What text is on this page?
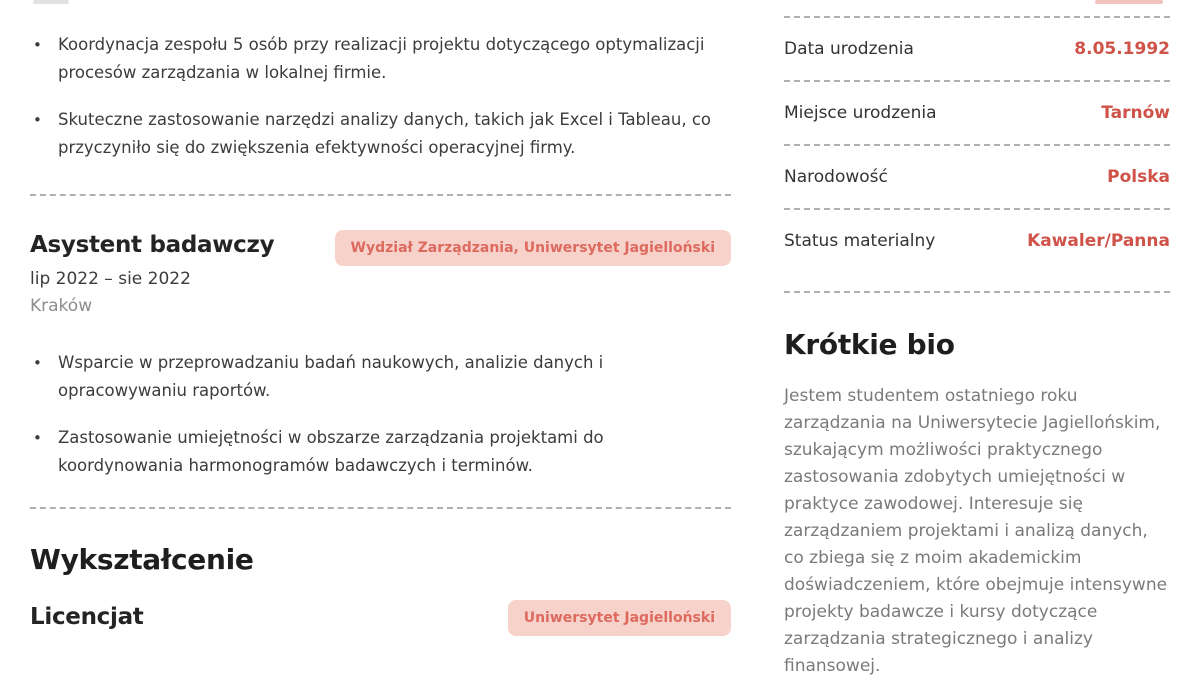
• Koordynacja zespołu 5 osób przy realizacji projektu dotyczącego optymalizacji procesów zarządzania w lokalnej firmie.
• Skuteczne zastosowanie narzędzi analizy danych, takich jak Excel i Tableau, co przyczyniło się do zwiększenia efektywności operacyjnej firmy.
Asystent badawczy	Wydział Zarządzania, Uniwersytet Jagielloński
lip 2022 – sie 2022
Kraków
• Wsparcie w przeprowadzaniu badań naukowych, analizie danych i opracowywaniu raportów.
• Zastosowanie umiejętności w obszarze zarządzania projektami do koordynowania harmonogramów badawczych i terminów.
Wykształcenie
Licencjat	Uniwersytet Jagielloński
Data urodzenia	8.05.1992
Miejsce urodzenia	Tarnów
Narodowość	Polska
Status materialny	Kawaler/Panna
Krótkie bio
Jestem studentem ostatniego roku zarządzania na Uniwersytecie Jagiellońskim, szukającym możliwości praktycznego zastosowania zdobytych umiejętności w praktyce zawodowej. Interesuje się zarządzaniem projektami i analizą danych, co zbiega się z moim akademickim doświadczeniem, które obejmuje intensywne projekty badawcze i kursy dotyczące zarządzania strategicznego i analizy finansowej.
